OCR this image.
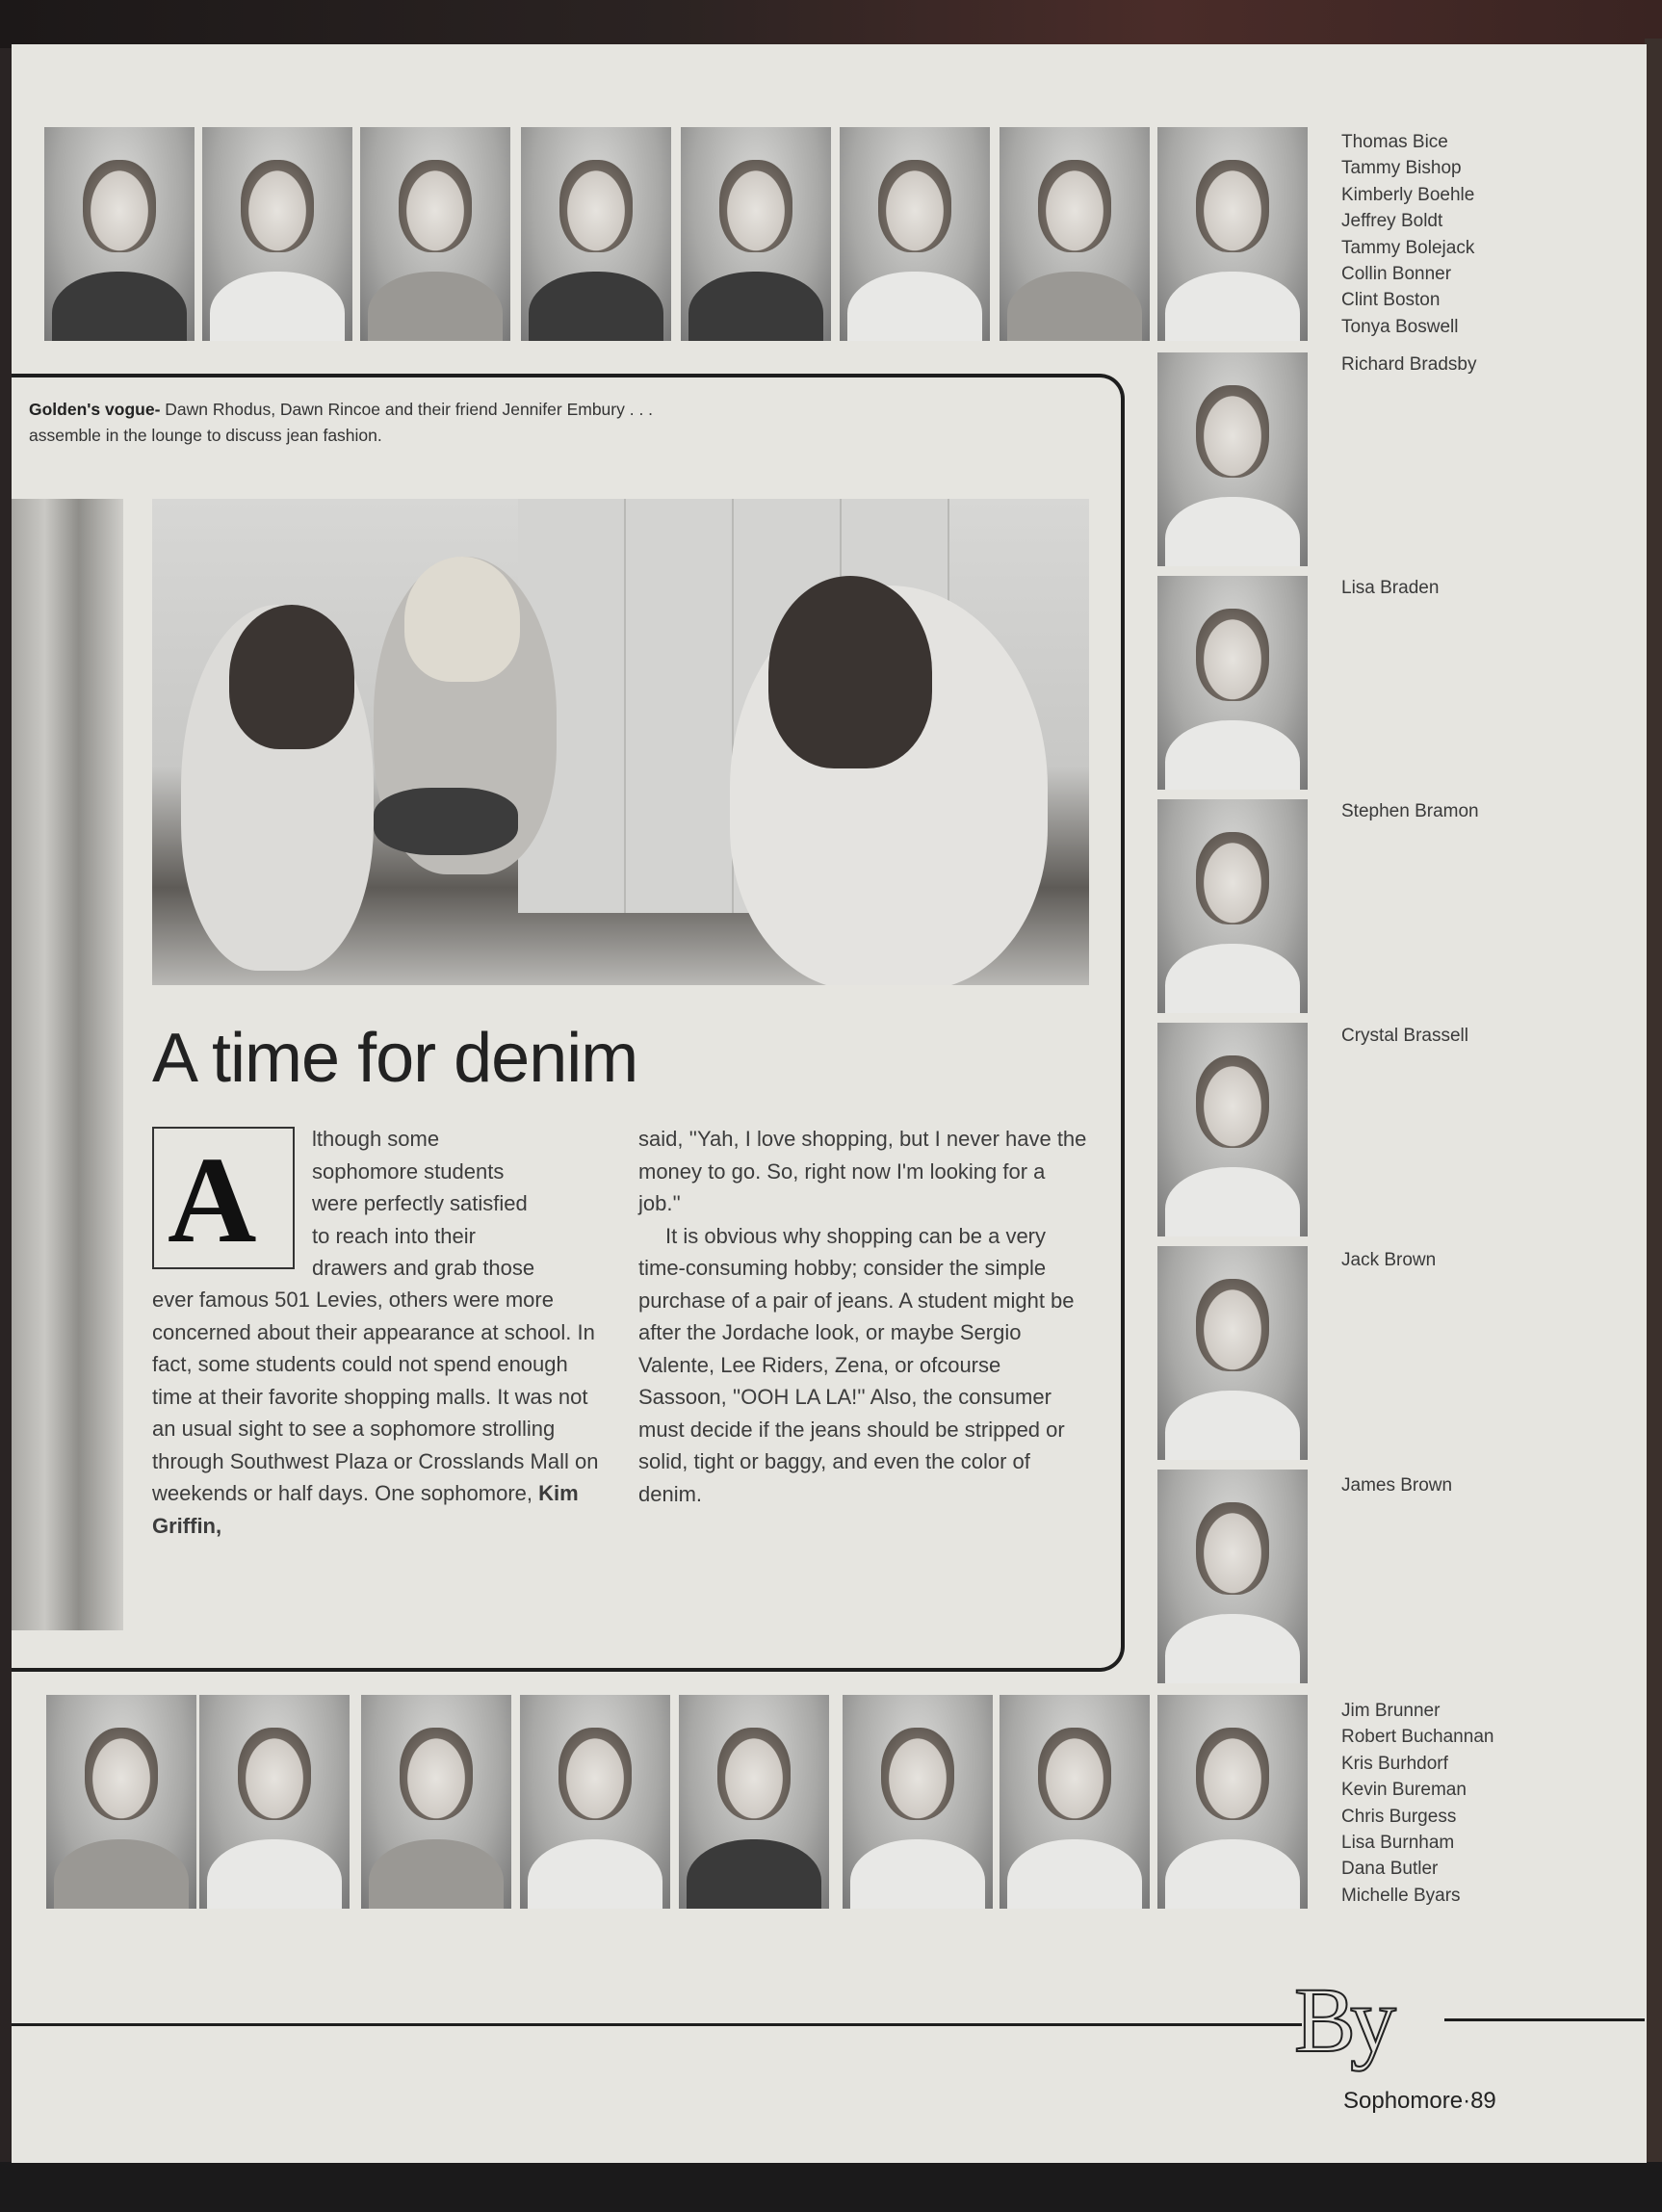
Thomas Bice
Tammy Bishop
Kimberly Boehle
Jeffrey Boldt
Tammy Bolejack
Collin Bonner
Clint Boston
Tonya Boswell
Richard Bradsby
Lisa Braden
Stephen Bramon
Crystal Brassell
Jack Brown
James Brown
Golden's vogue- Dawn Rhodus, Dawn Rincoe and their friend Jennifer Embury . . . assemble in the lounge to discuss jean fashion.
A time for denim
A	lthough some
sophomore students
were perfectly satisfied
to reach into their
drawers and grab those

ever famous 501 Levies, others were more concerned about their appearance at school. In fact, some students could not spend enough time at their favorite shopping malls. It was not an usual sight to see a sophomore strolling through Southwest Plaza or Crosslands Mall on weekends or half days. One sophomore, Kim Griffin,

said, ''Yah, I love shopping, but I never have the money to go. So, right now I'm looking for a job.''

It is obvious why shopping can be a very time-consuming hobby; consider the simple purchase of a pair of jeans. A student might be after the Jordache look, or maybe Sergio Valente, Lee Riders, Zena, or ofcourse Sassoon, ''OOH LA LA!'' Also, the consumer must decide if the jeans should be stripped or solid, tight or baggy, and even the color of denim.

Jim Brunner
Robert Buchannan
Kris Burhdorf
Kevin Bureman
Chris Burgess
Lisa Burnham
Dana Butler
Michelle Byars
By
Sophomore·89
